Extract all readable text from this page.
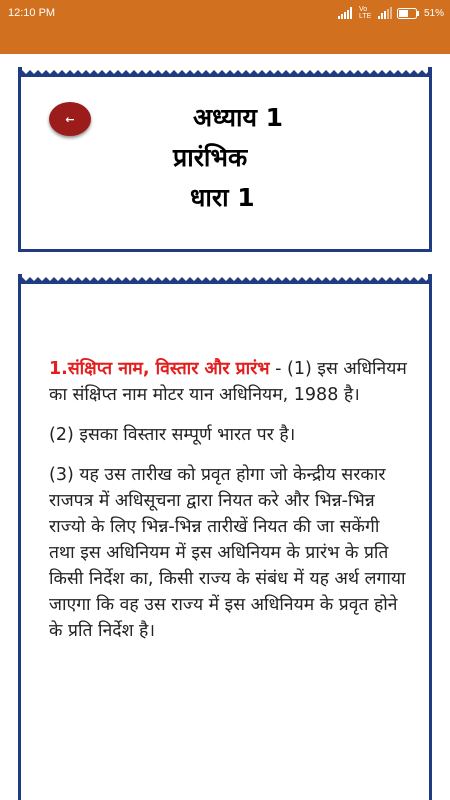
12:10 PM	Vo LTE	51%
←	अध्याय 1
प्रारंभिक
धारा 1

1.संक्षिप्त नाम, विस्तार और प्रारंभ - (1) इस अधिनियम का संक्षिप्त नाम मोटर यान अधिनियम, 1988 है।

(2) इसका विस्तार सम्पूर्ण भारत पर है।

(3) यह उस तारीख को प्रवृत होगा जो केन्द्रीय सरकार राजपत्र में अधिसूचना द्वारा नियत करे और भिन्न-भिन्न राज्यो के लिए भिन्न-भिन्न तारीखें नियत की जा सकेंगी तथा इस अधिनियम में इस अधिनियम के प्रारंभ के प्रति किसी निर्देश का, किसी राज्य के संबंध में यह अर्थ लगाया जाएगा कि वह उस राज्य में इस अधिनियम के प्रवृत होने के प्रति निर्देश है।
